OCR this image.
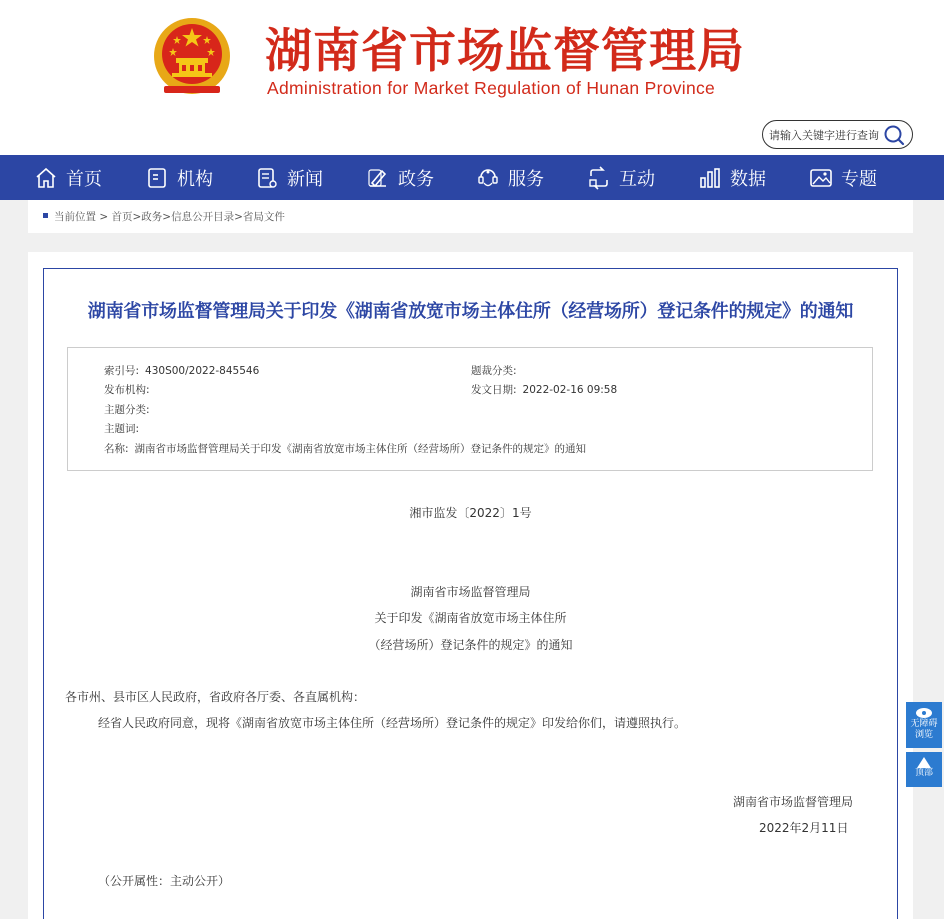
湖南省市场监督管理局
Administration for Market Regulation of Hunan Province
请输入关键字进行查询
首页	机构	新闻	政务	服务	互动	数据	专题
当前位置 > 首页>政务>信息公开目录>省局文件
湖南省市场监督管理局关于印发《湖南省放宽市场主体住所（经营场所）登记条件的规定》的通知
索引号: 430S00/2022-845546	题裁分类:
发布机构:	发文日期: 2022-02-16 09:58
主题分类:
主题词:
名称: 湖南省市场监督管理局关于印发《湖南省放宽市场主体住所（经营场所）登记条件的规定》的通知
湘市监发〔2022〕1号
湖南省市场监督管理局
关于印发《湖南省放宽市场主体住所
（经营场所）登记条件的规定》的通知
各市州、县市区人民政府，省政府各厅委、各直属机构：
经省人民政府同意，现将《湖南省放宽市场主体住所（经营场所）登记条件的规定》印发给你们，请遵照执行。
湖南省市场监督管理局
2022年2月11日
（公开属性：主动公开）
无障碍
浏览
顶部
